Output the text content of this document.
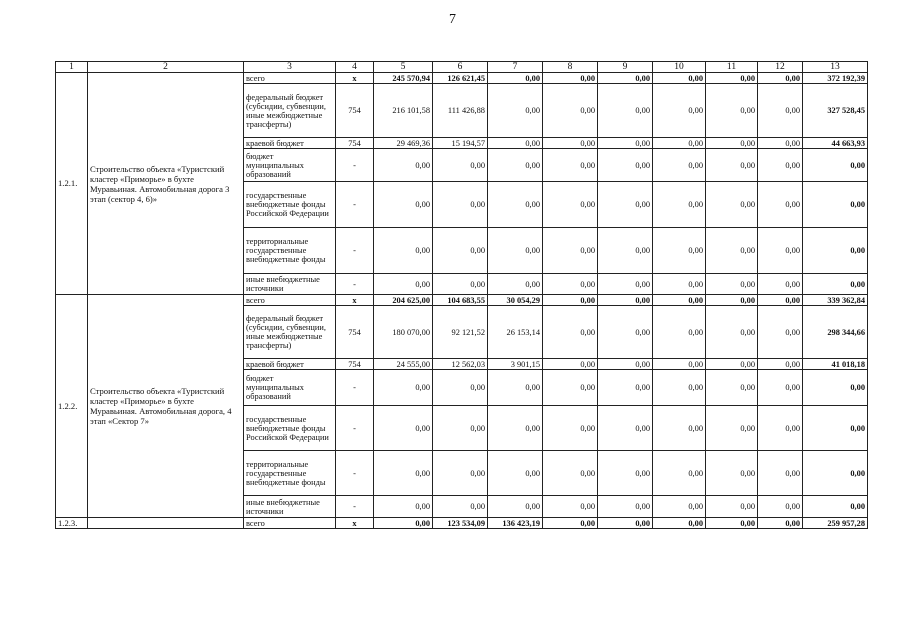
7
1	2	3	4	5	6	7	8	9	10	11	12	13
1.2.1.	Строительство объекта «Туристский кластер «Приморье» в бухте Муравьиная. Автомобильная дорога 3 этап (сектор 4, 6)»	всего	х	245 570,94	126 621,45	0,00	0,00	0,00	0,00	0,00	0,00	372 192,39
		федеральный бюджет (субсидии, субвенции, иные межбюджетные трансферты)	754	216 101,58	111 426,88	0,00	0,00	0,00	0,00	0,00	0,00	327 528,45
		краевой бюджет	754	29 469,36	15 194,57	0,00	0,00	0,00	0,00	0,00	0,00	44 663,93
		бюджет муниципальных образований	-	0,00	0,00	0,00	0,00	0,00	0,00	0,00	0,00	0,00
		государственные внебюджетные фонды Российской Федерации	-	0,00	0,00	0,00	0,00	0,00	0,00	0,00	0,00	0,00
		территориальные государственные внебюджетные фонды	-	0,00	0,00	0,00	0,00	0,00	0,00	0,00	0,00	0,00
		иные внебюджетные источники	-	0,00	0,00	0,00	0,00	0,00	0,00	0,00	0,00	0,00
1.2.2.	Строительство объекта «Туристский кластер «Приморье» в бухте Муравьиная. Автомобильная дорога, 4 этап «Сектор 7»	всего	х	204 625,00	104 683,55	30 054,29	0,00	0,00	0,00	0,00	0,00	339 362,84
		федеральный бюджет (субсидии, субвенции, иные межбюджетные трансферты)	754	180 070,00	92 121,52	26 153,14	0,00	0,00	0,00	0,00	0,00	298 344,66
		краевой бюджет	754	24 555,00	12 562,03	3 901,15	0,00	0,00	0,00	0,00	0,00	41 018,18
		бюджет муниципальных образований	-	0,00	0,00	0,00	0,00	0,00	0,00	0,00	0,00	0,00
		государственные внебюджетные фонды Российской Федерации	-	0,00	0,00	0,00	0,00	0,00	0,00	0,00	0,00	0,00
		территориальные государственные внебюджетные фонды	-	0,00	0,00	0,00	0,00	0,00	0,00	0,00	0,00	0,00
		иные внебюджетные источники	-	0,00	0,00	0,00	0,00	0,00	0,00	0,00	0,00	0,00
1.2.3.		всего	х	0,00	123 534,09	136 423,19	0,00	0,00	0,00	0,00	0,00	259 957,28
